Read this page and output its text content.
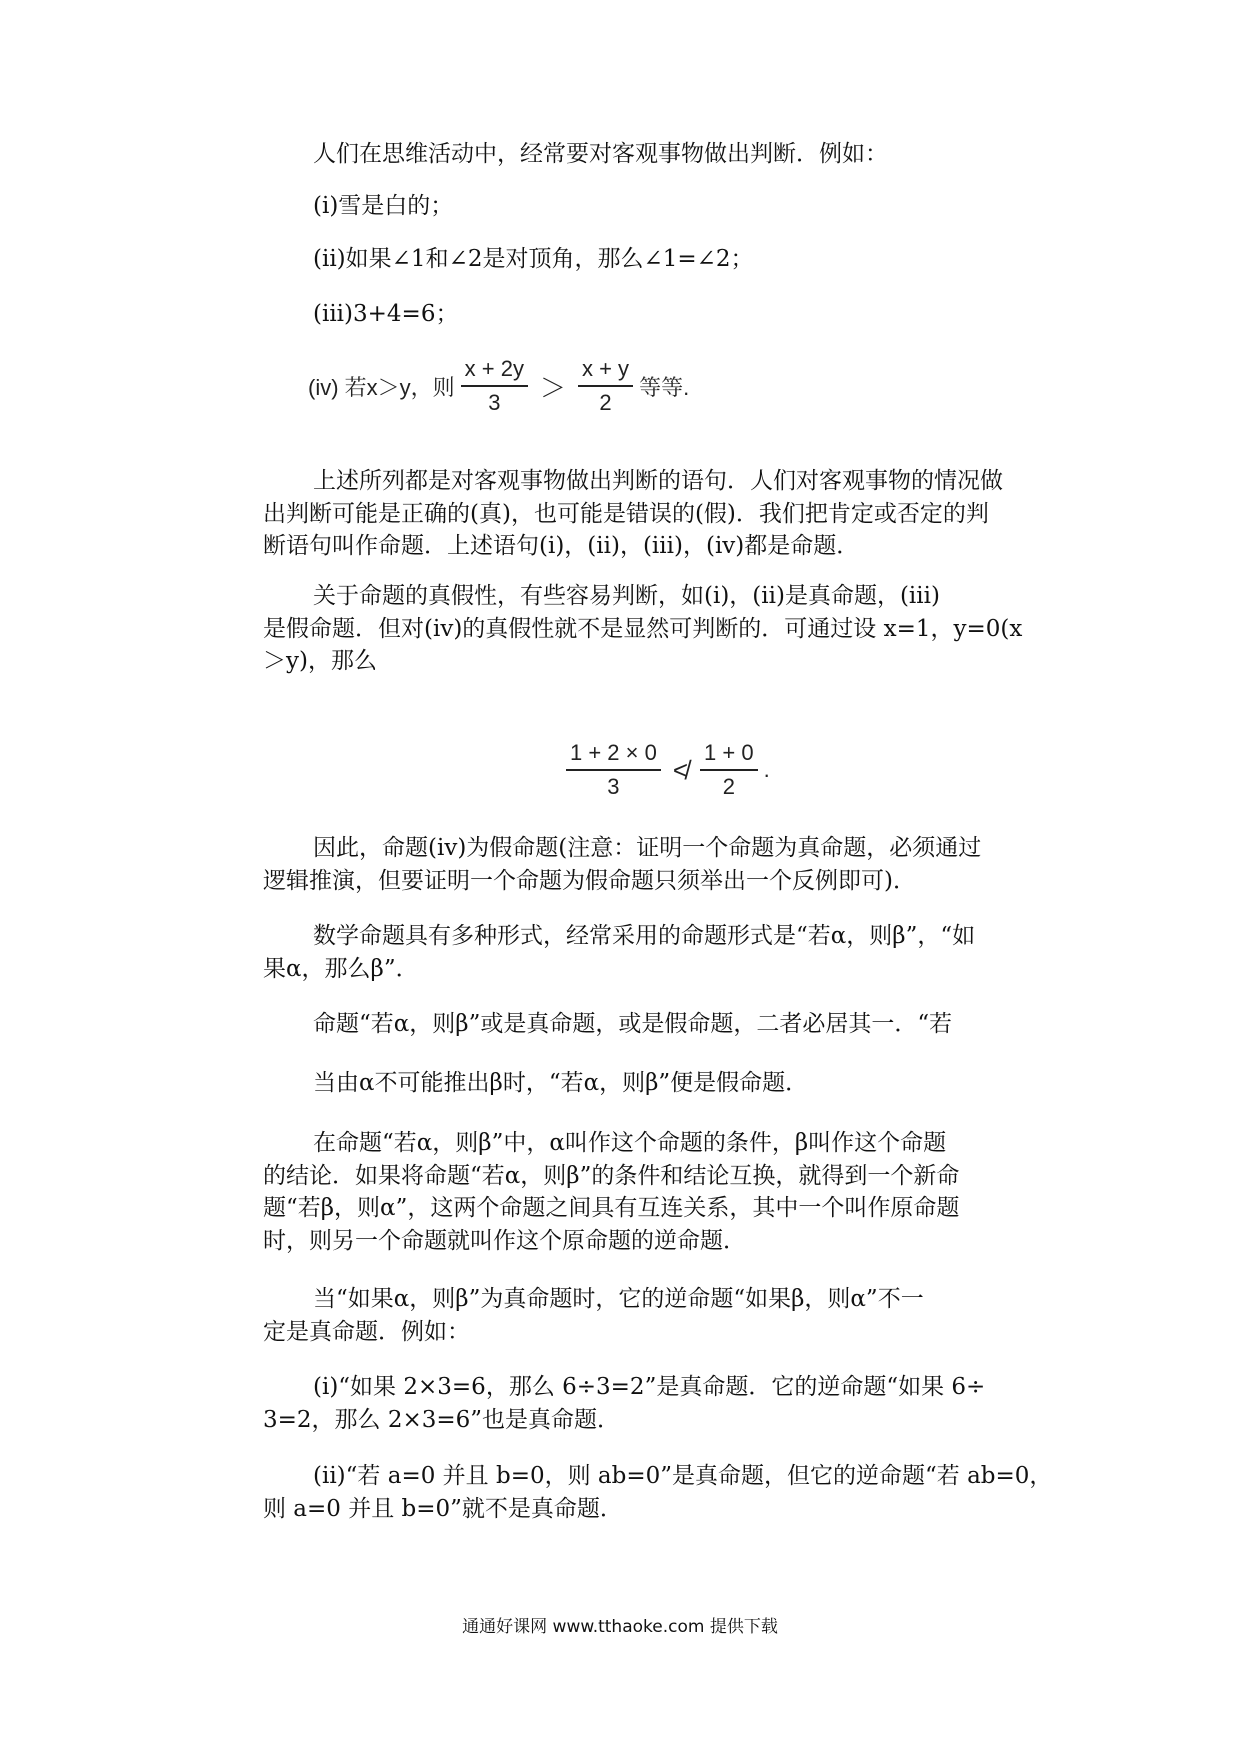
人们在思维活动中，经常要对客观事物做出判断．例如：
(i)雪是白的；
(ii)如果∠1和∠2是对顶角，那么∠1=∠2；
(iii)3+4=6；
(iv) 若x＞y，则 $\frac{x + 2y}{3} > \frac{x + y}{2}$ 等等.
上述所列都是对客观事物做出判断的语句．人们对客观事物的情况做
出判断可能是正确的(真)，也可能是错误的(假)．我们把肯定或否定的判
断语句叫作命题．上述语句(i)，(ii)，(iii)，(iv)都是命题．
关于命题的真假性，有些容易判断，如(i)，(ii)是真命题，(iii)
是假命题．但对(iv)的真假性就不是显然可判断的．可通过设 x=1，y=0(x
＞y)，那么
$\frac{1 + 2 \times 0}{3}$ ≮ $\frac{1 + 0}{2}$ .
因此，命题(iv)为假命题(注意：证明一个命题为真命题，必须通过
逻辑推演，但要证明一个命题为假命题只须举出一个反例即可)．
数学命题具有多种形式，经常采用的命题形式是“若α，则β”，“如
果α，那么β”．
命题“若α，则β”或是真命题，或是假命题，二者必居其一．“若
当由α不可能推出β时，“若α，则β”便是假命题．
在命题“若α，则β”中，α叫作这个命题的条件，β叫作这个命题
的结论．如果将命题“若α，则β”的条件和结论互换，就得到一个新命
题“若β，则α”，这两个命题之间具有互连关系，其中一个叫作原命题
时，则另一个命题就叫作这个原命题的逆命题．
当“如果α，则β”为真命题时，它的逆命题“如果β，则α”不一
定是真命题．例如：
(i)“如果 2×3=6，那么 6÷3=2”是真命题．它的逆命题“如果 6÷
3=2，那么 2×3=6”也是真命题．
(ii)“若 a=0 并且 b=0，则 ab=0”是真命题，但它的逆命题“若 ab=0，
则 a=0 并且 b=0”就不是真命题．
通通好课网 www.tthaoke.com 提供下载
